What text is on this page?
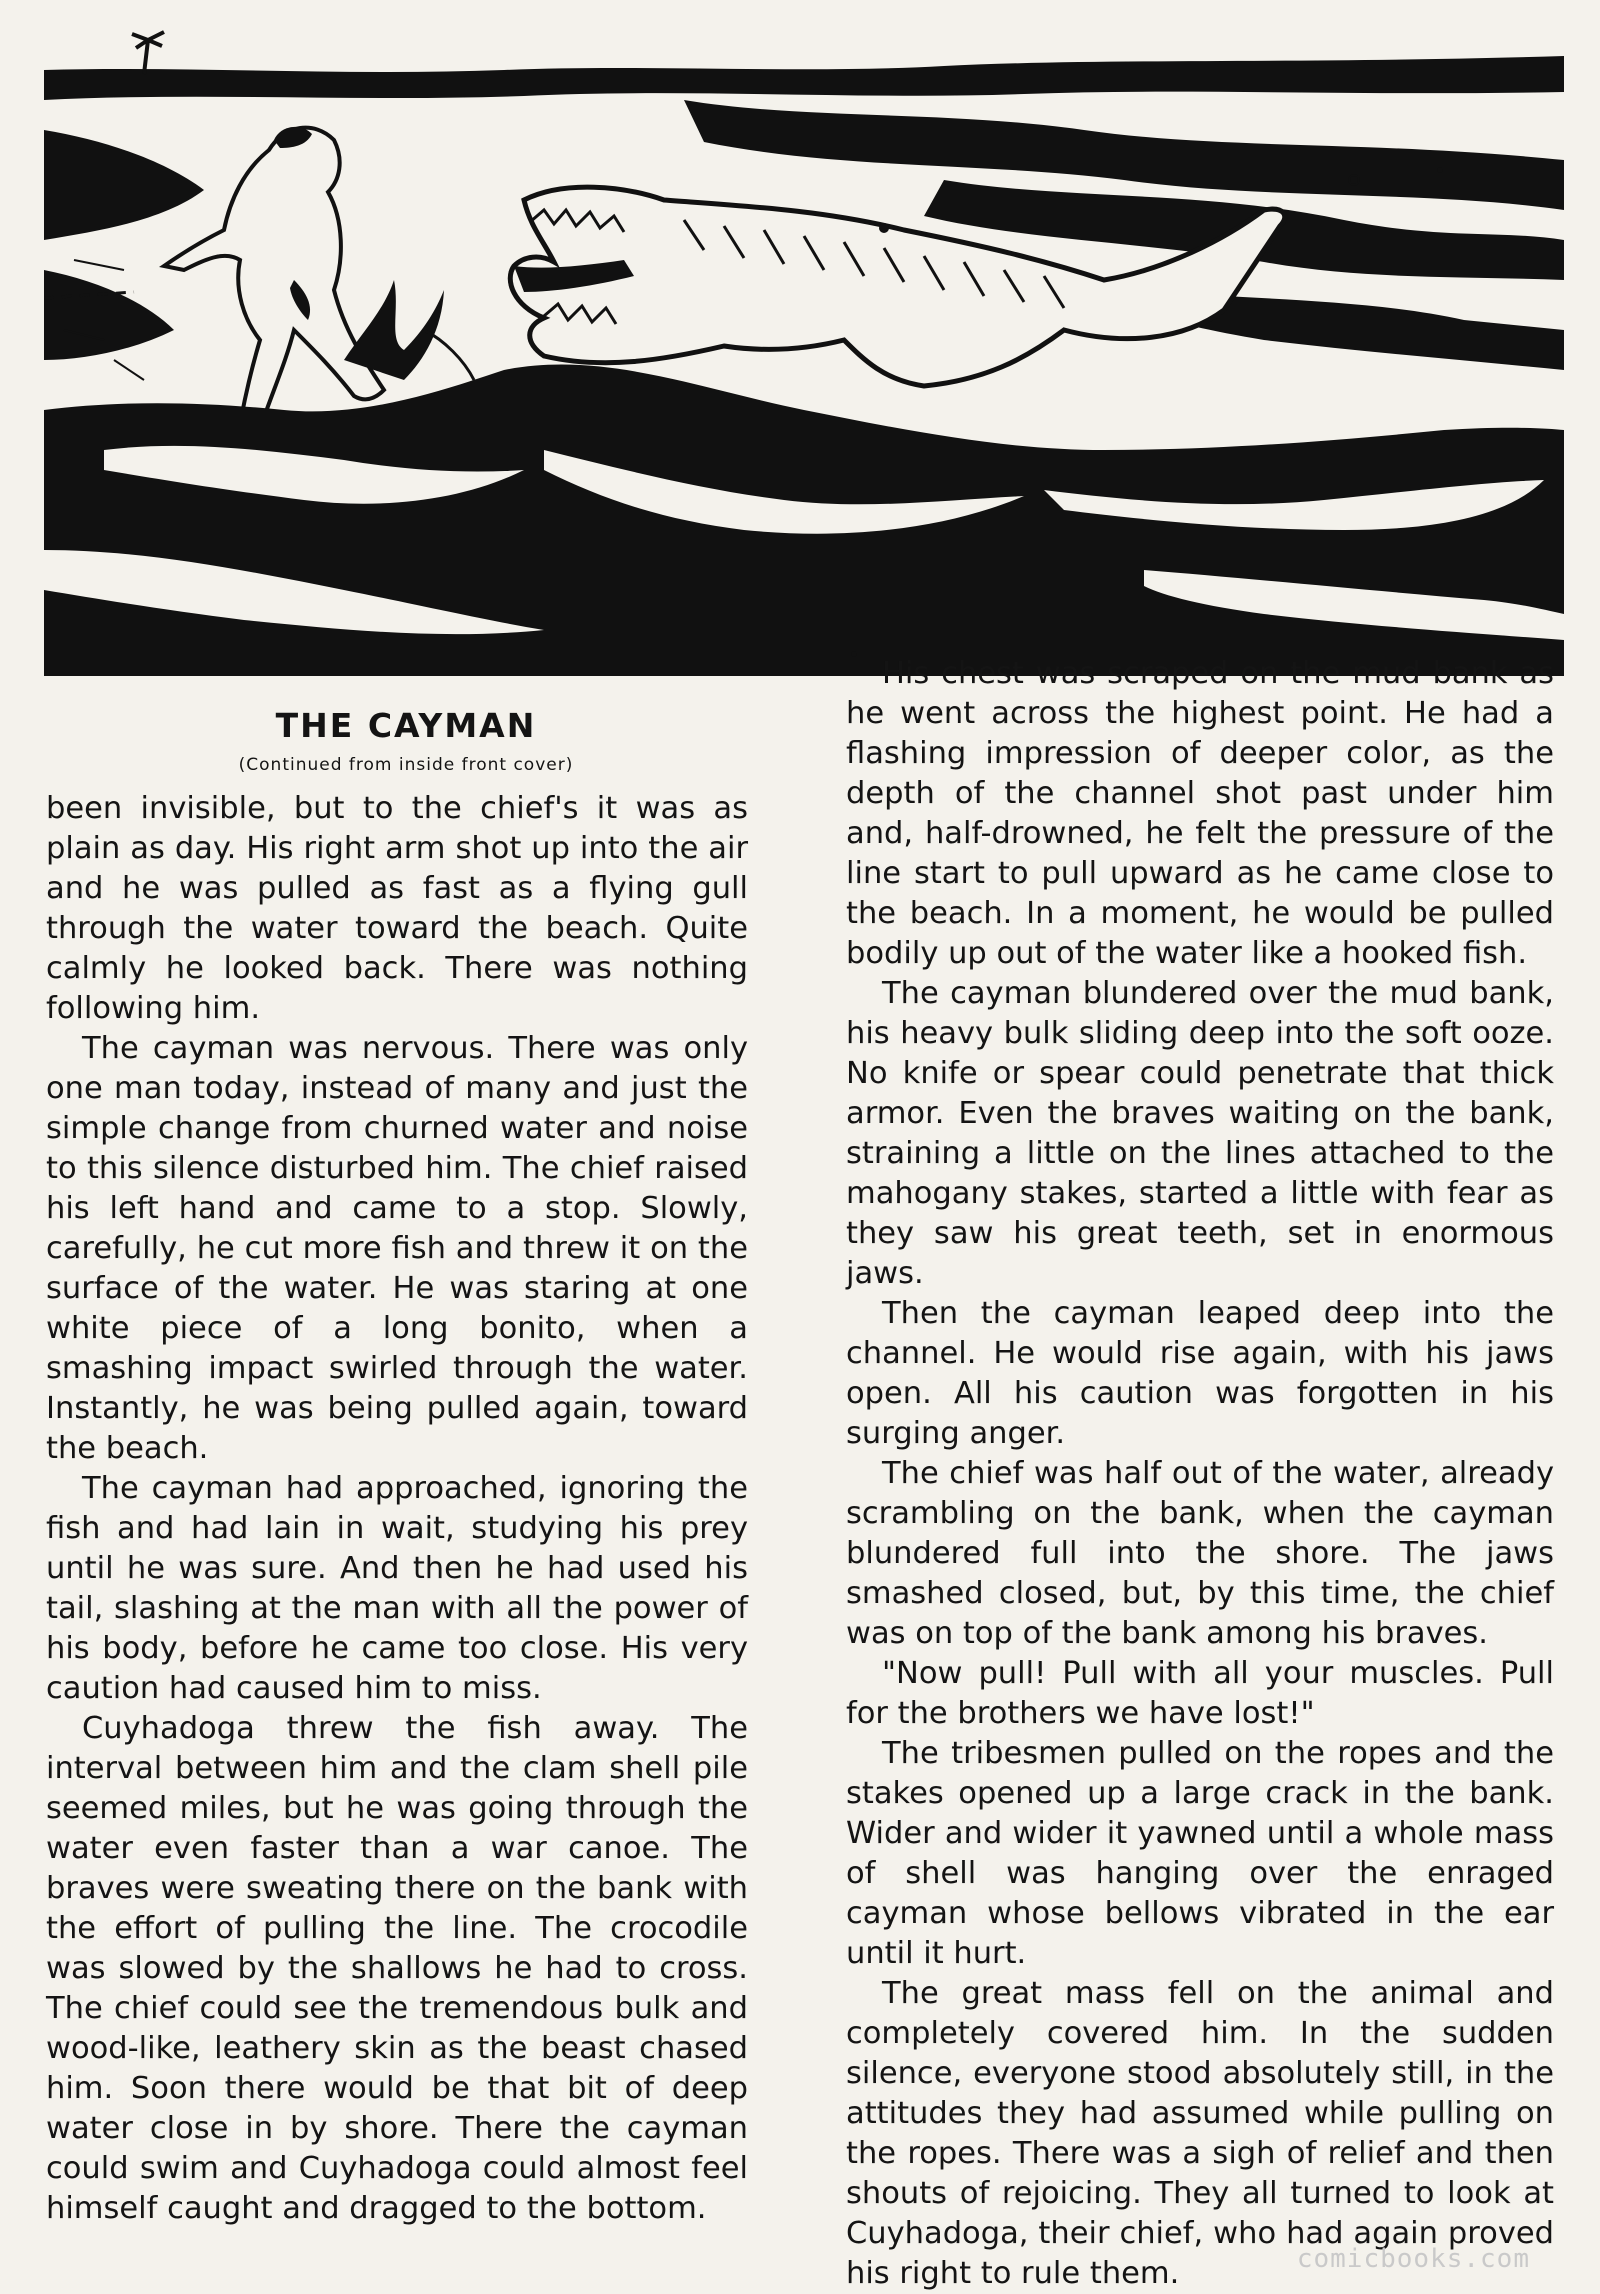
THE CAYMAN
(Continued from inside front cover)

been invisible, but to the chief's it was as plain as day. His right arm shot up into the air and he was pulled as fast as a flying gull through the water toward the beach. Quite calmly he looked back. There was nothing following him.

The cayman was nervous. There was only one man today, instead of many and just the simple change from churned water and noise to this silence disturbed him. The chief raised his left hand and came to a stop. Slowly, carefully, he cut more fish and threw it on the surface of the water. He was staring at one white piece of a long bonito, when a smashing impact swirled through the water. Instantly, he was being pulled again, toward the beach.

The cayman had approached, ignoring the fish and had lain in wait, studying his prey until he was sure. And then he had used his tail, slashing at the man with all the power of his body, before he came too close. His very caution had caused him to miss.

Cuyhadoga threw the fish away. The interval between him and the clam shell pile seemed miles, but he was going through the water even faster than a war canoe. The braves were sweating there on the bank with the effort of pulling the line. The crocodile was slowed by the shallows he had to cross. The chief could see the tremendous bulk and wood-like, leathery skin as the beast chased him. Soon there would be that bit of deep water close in by shore. There the cayman could swim and Cuyhadoga could almost feel himself caught and dragged to the bottom.

His chest was scraped on the mud bank as he went across the highest point. He had a flashing impression of deeper color, as the depth of the channel shot past under him and, half-drowned, he felt the pressure of the line start to pull upward as he came close to the beach. In a moment, he would be pulled bodily up out of the water like a hooked fish.

The cayman blundered over the mud bank, his heavy bulk sliding deep into the soft ooze. No knife or spear could penetrate that thick armor. Even the braves waiting on the bank, straining a little on the lines attached to the mahogany stakes, started a little with fear as they saw his great teeth, set in enormous jaws.

Then the cayman leaped deep into the channel. He would rise again, with his jaws open. All his caution was forgotten in his surging anger.

The chief was half out of the water, already scrambling on the bank, when the cayman blundered full into the shore. The jaws smashed closed, but, by this time, the chief was on top of the bank among his braves.

"Now pull! Pull with all your muscles. Pull for the brothers we have lost!"

The tribesmen pulled on the ropes and the stakes opened up a large crack in the bank. Wider and wider it yawned until a whole mass of shell was hanging over the enraged cayman whose bellows vibrated in the ear until it hurt.

The great mass fell on the animal and completely covered him. In the sudden silence, everyone stood absolutely still, in the attitudes they had assumed while pulling on the ropes. There was a sigh of relief and then shouts of rejoicing. They all turned to look at Cuyhadoga, their chief, who had again proved his right to rule them.	comicbooks.com
